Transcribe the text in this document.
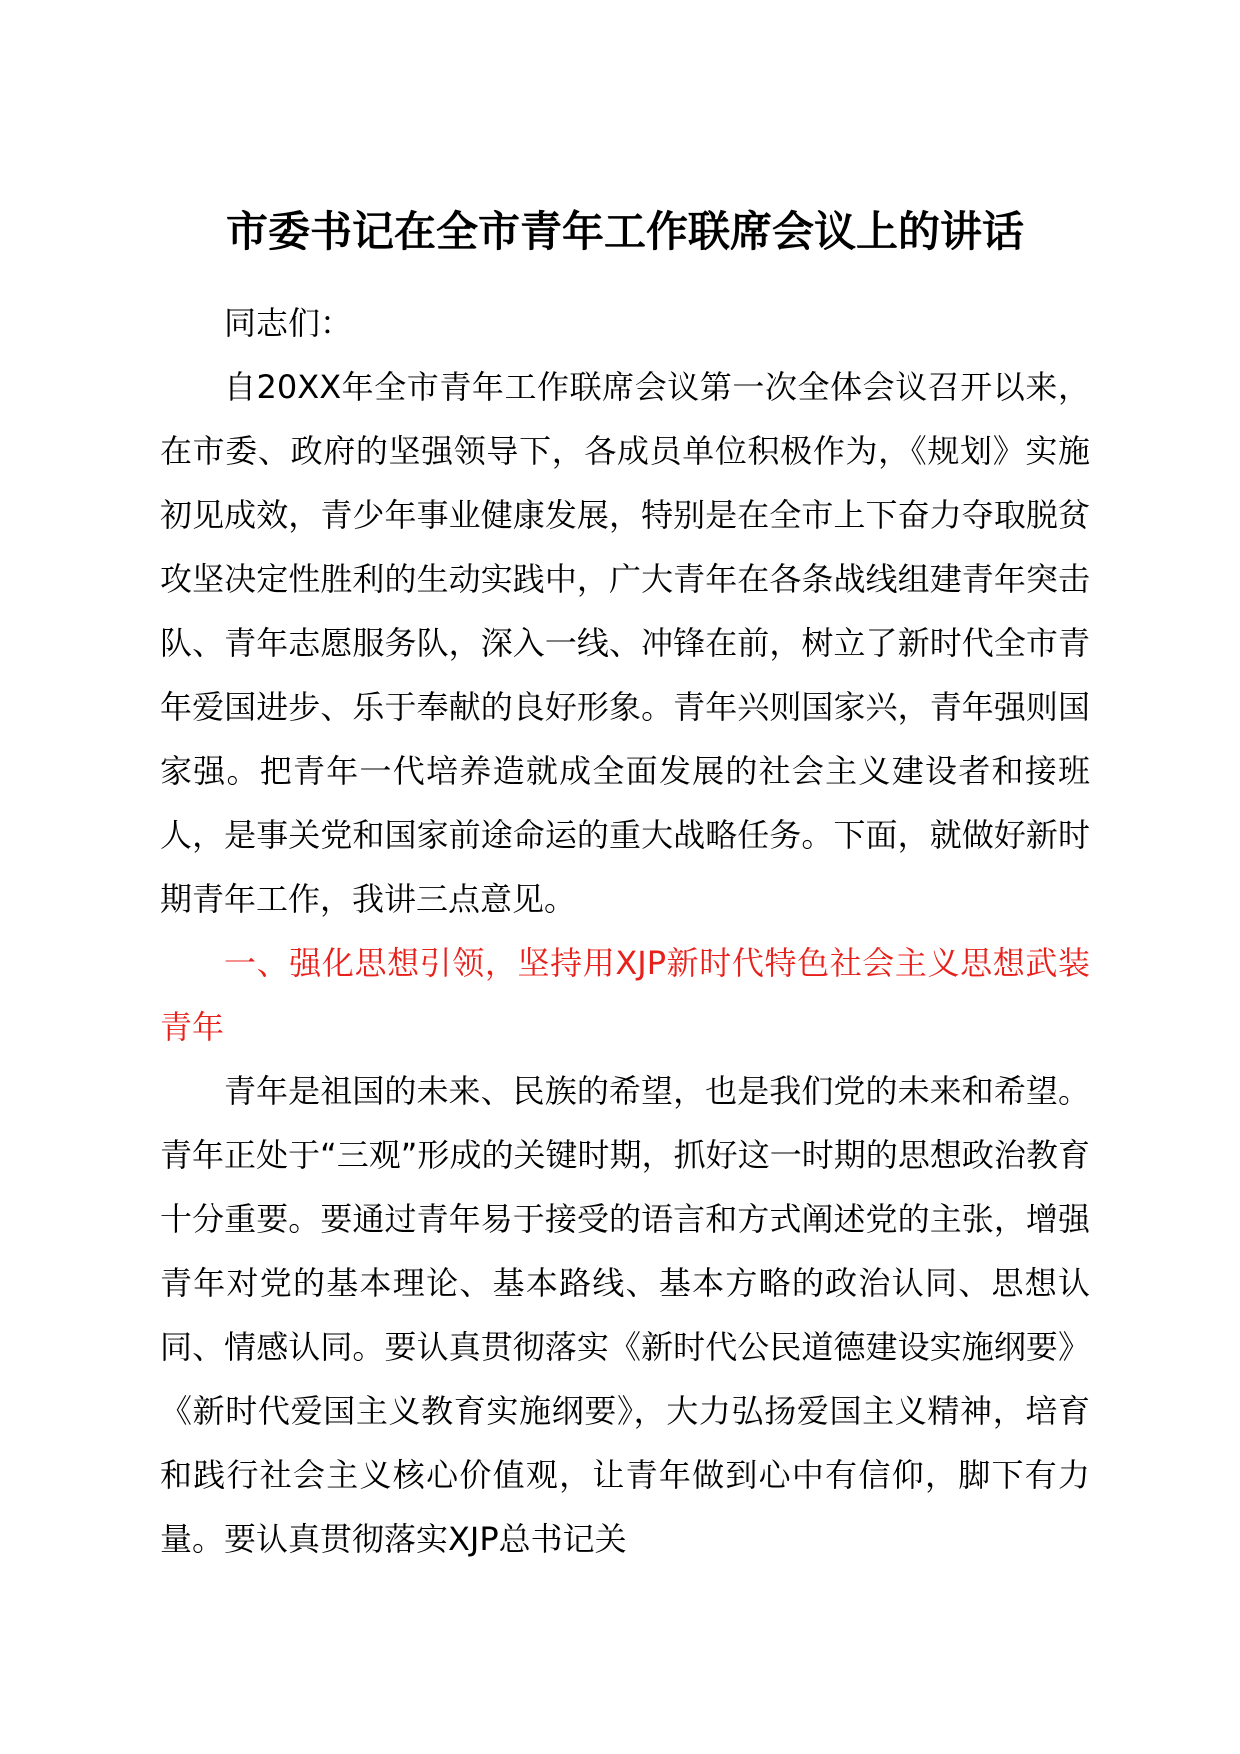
市委书记在全市青年工作联席会议上的讲话

同志们：

自20XX年全市青年工作联席会议第一次全体会议召开以来，在市委、政府的坚强领导下，各成员单位积极作为，《规划》实施初见成效，青少年事业健康发展，特别是在全市上下奋力夺取脱贫攻坚决定性胜利的生动实践中，广大青年在各条战线组建青年突击队、青年志愿服务队，深入一线、冲锋在前，树立了新时代全市青年爱国进步、乐于奉献的良好形象。青年兴则国家兴，青年强则国家强。把青年一代培养造就成全面发展的社会主义建设者和接班人，是事关党和国家前途命运的重大战略任务。下面，就做好新时期青年工作，我讲三点意见。

一、强化思想引领，坚持用XJP新时代特色社会主义思想武装青年

青年是祖国的未来、民族的希望，也是我们党的未来和希望。青年正处于“三观”形成的关键时期，抓好这一时期的思想政治教育十分重要。要通过青年易于接受的语言和方式阐述党的主张，增强青年对党的基本理论、基本路线、基本方略的政治认同、思想认同、情感认同。要认真贯彻落实《新时代公民道德建设实施纲要》《新时代爱国主义教育实施纲要》，大力弘扬爱国主义精神，培育和践行社会主义核心价值观，让青年做到心中有信仰，脚下有力量。要认真贯彻落实XJP总书记关
